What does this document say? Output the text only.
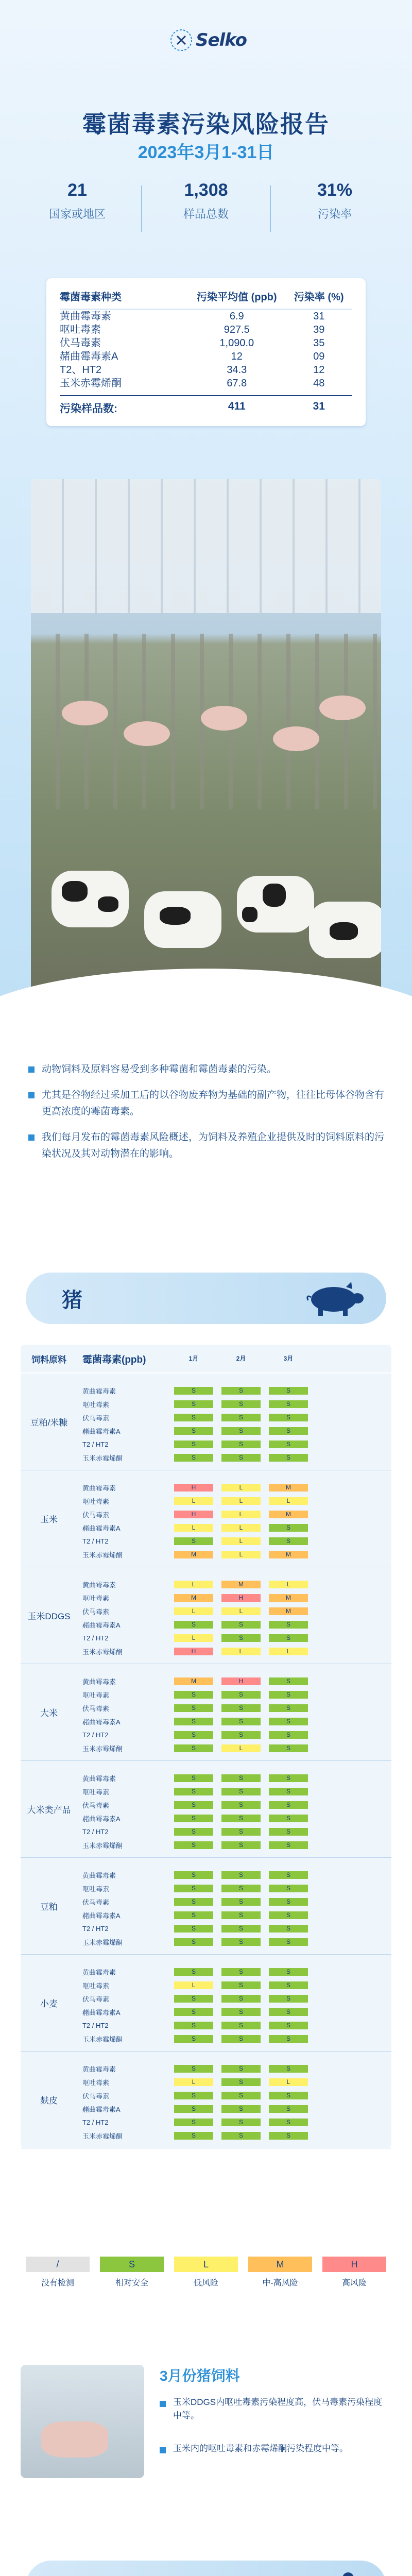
Selko
霉菌毒素污染风险报告
2023年3月1-31日
21
国家或地区
1,308
样品总数
31%
污染率
霉菌毒素种类	污染平均值 (ppb)	污染率 (%)
黄曲霉毒素	6.9	31
呕吐毒素	927.5	39
伏马毒素	1,090.0	35
赭曲霉毒素A	12	09
T2、HT2	34.3	12
玉米赤霉烯酮	67.8	48
污染样品数:	411	31
动物饲料及原料容易受到多种霉菌和霉菌毒素的污染。
尤其是谷物经过采加工后的以谷物废弃物为基础的副产物，往往比母体谷物含有更高浓度的霉菌毒素。
我们每月发布的霉菌毒素风险概述，为饲料及养殖企业提供及时的饲料原料的污染状况及其对动物潜在的影响。
猪
饲料原料	霉菌毒素(ppb)	1月	2月	3月
豆粕/米糠
黄曲霉毒素	S	S	S
呕吐毒素	S	S	S
伏马毒素	S	S	S
赭曲霉毒素A	S	S	S
T2 / HT2	S	S	S
玉米赤霉烯酮	S	S	S
玉米
黄曲霉毒素	H	L	M
呕吐毒素	L	L	L
伏马毒素	H	L	M
赭曲霉毒素A	L	L	S
T2 / HT2	S	L	S
玉米赤霉烯酮	M	L	M
玉米DDGS
黄曲霉毒素	L	M	L
呕吐毒素	M	H	M
伏马毒素	L	L	M
赭曲霉毒素A	S	S	S
T2 / HT2	L	S	S
玉米赤霉烯酮	H	L	L
大米
黄曲霉毒素	M	H	S
呕吐毒素	S	S	S
伏马毒素	S	S	S
赭曲霉毒素A	S	S	S
T2 / HT2	S	S	S
玉米赤霉烯酮	S	L	S
大米类产品
黄曲霉毒素	S	S	S
呕吐毒素	S	S	S
伏马毒素	S	S	S
赭曲霉毒素A	S	S	S
T2 / HT2	S	S	S
玉米赤霉烯酮	S	S	S
豆粕
黄曲霉毒素	S	S	S
呕吐毒素	S	S	S
伏马毒素	S	S	S
赭曲霉毒素A	S	S	S
T2 / HT2	S	S	S
玉米赤霉烯酮	S	S	S
小麦
黄曲霉毒素	S	S	S
呕吐毒素	L	S	S
伏马毒素	S	S	S
赭曲霉毒素A	S	S	S
T2 / HT2	S	S	S
玉米赤霉烯酮	S	S	S
麸皮
黄曲霉毒素	S	S	S
呕吐毒素	L	S	L
伏马毒素	S	S	S
赭曲霉毒素A	S	S	S
T2 / HT2	S	S	S
玉米赤霉烯酮	S	S	S
/
没有检测
S
相对安全
L
低风险
M
中-高风险
H
高风险
3月份猪饲料
玉米DDGS内呕吐毒素污染程度高，伏马毒素污染程度中等。
玉米内的呕吐毒素和赤霉烯酮污染程度中等。
